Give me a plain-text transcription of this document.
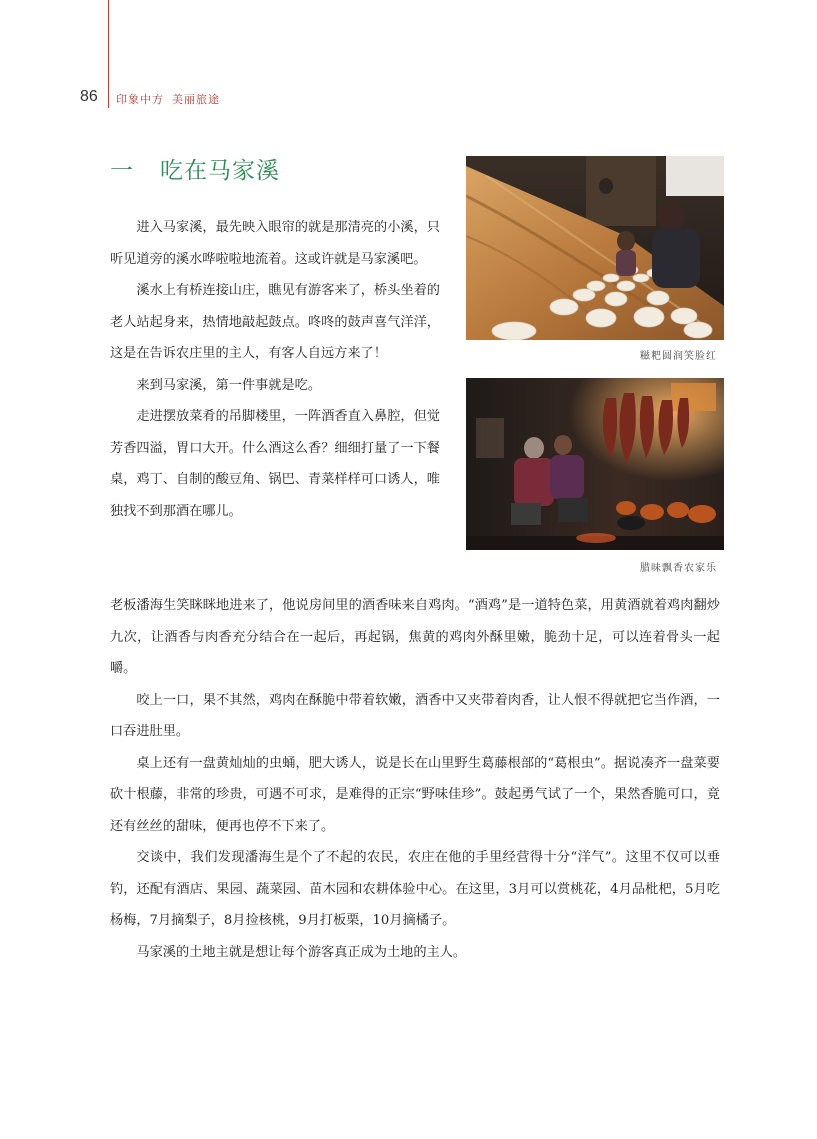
86 印象中方 美丽旅途
一 吃在马家溪

进入马家溪，最先映入眼帘的就是那清亮的小溪，只听见道旁的溪水哗啦啦地流着。这或许就是马家溪吧。

溪水上有桥连接山庄，瞧见有游客来了，桥头坐着的老人站起身来，热情地敲起鼓点。咚咚的鼓声喜气洋洋，这是在告诉农庄里的主人，有客人自远方来了！

来到马家溪，第一件事就是吃。

走进摆放菜肴的吊脚楼里，一阵酒香直入鼻腔，但觉芳香四溢，胃口大开。什么酒这么香？细细打量了一下餐桌，鸡丁、自制的酸豆角、锅巴、青菜样样可口诱人，唯独找不到那酒在哪儿。

老板潘海生笑眯眯地进来了，他说房间里的酒香味来自鸡肉。“酒鸡”是一道特色菜，用黄酒就着鸡肉翻炒九次，让酒香与肉香充分结合在一起后，再起锅，焦黄的鸡肉外酥里嫩，脆劲十足，可以连着骨头一起嚼。

咬上一口，果不其然，鸡肉在酥脆中带着软嫩，酒香中又夹带着肉香，让人恨不得就把它当作酒，一口吞进肚里。

桌上还有一盘黄灿灿的虫蛹，肥大诱人，说是长在山里野生葛藤根部的“葛根虫”。据说凑齐一盘菜要砍十根藤，非常的珍贵，可遇不可求，是难得的正宗“野味佳珍”。鼓起勇气试了一个，果然香脆可口，竟还有丝丝的甜味，便再也停不下来了。

交谈中，我们发现潘海生是个了不起的农民，农庄在他的手里经营得十分“洋气”。这里不仅可以垂钓，还配有酒店、果园、蔬菜园、苗木园和农耕体验中心。在这里，3月可以赏桃花，4月品枇杷，5月吃杨梅，7月摘梨子，8月捡核桃，9月打板栗，10月摘橘子。

马家溪的土地主就是想让每个游客真正成为土地的主人。

糍粑圆润笑脸红
腊味飘香农家乐
